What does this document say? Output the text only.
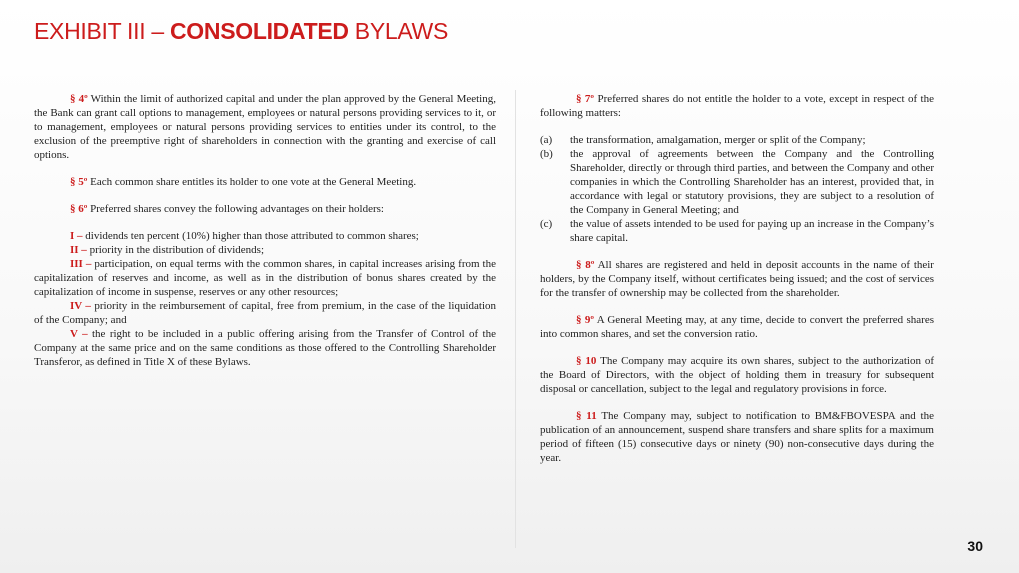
EXHIBIT III – CONSOLIDATED BYLAWS

§ 4º Within the limit of authorized capital and under the plan approved by the General Meeting, the Bank can grant call options to management, employees or natural persons providing services to it, or to management, employees or natural persons providing services to entities under its control, to the exclusion of the preemptive right of shareholders in connection with the granting and exercise of call options.

§ 5º Each common share entitles its holder to one vote at the General Meeting.

§ 6º Preferred shares convey the following advantages on their holders:

I – dividends ten percent (10%) higher than those attributed to common shares;

II – priority in the distribution of dividends;

III – participation, on equal terms with the common shares, in capital increases arising from the capitalization of reserves and income, as well as in the distribution of bonus shares created by the capitalization of income in suspense, reserves or any other resources;

IV – priority in the reimbursement of capital, free from premium, in the case of the liquidation of the Company; and

V – the right to be included in a public offering arising from the Transfer of Control of the Company at the same price and on the same conditions as those offered to the Controlling Shareholder Transferor, as defined in Title X of these Bylaws.

§ 7º Preferred shares do not entitle the holder to a vote, except in respect of the following matters:

(a)	the transformation, amalgamation, merger or split of the Company;
(b)	the approval of agreements between the Company and the Controlling Shareholder, directly or through third parties, and between the Company and other companies in which the Controlling Shareholder has an interest, provided that, in accordance with legal or statutory provisions, they are subject to a resolution of the Company in General Meeting; and
(c)	the value of assets intended to be used for paying up an increase in the Company’s share capital.

§ 8º All shares are registered and held in deposit accounts in the name of their holders, by the Company itself, without certificates being issued; and the cost of services for the transfer of ownership may be collected from the shareholder.

§ 9º A General Meeting may, at any time, decide to convert the preferred shares into common shares, and set the conversion ratio.

§ 10 The Company may acquire its own shares, subject to the authorization of the Board of Directors, with the object of holding them in treasury for subsequent disposal or cancellation, subject to the legal and regulatory provisions in force.

§ 11 The Company may, subject to notification to BM&FBOVESPA and the publication of an announcement, suspend share transfers and share splits for a maximum period of fifteen (15) consecutive days or ninety (90) non-consecutive days during the year.

30
